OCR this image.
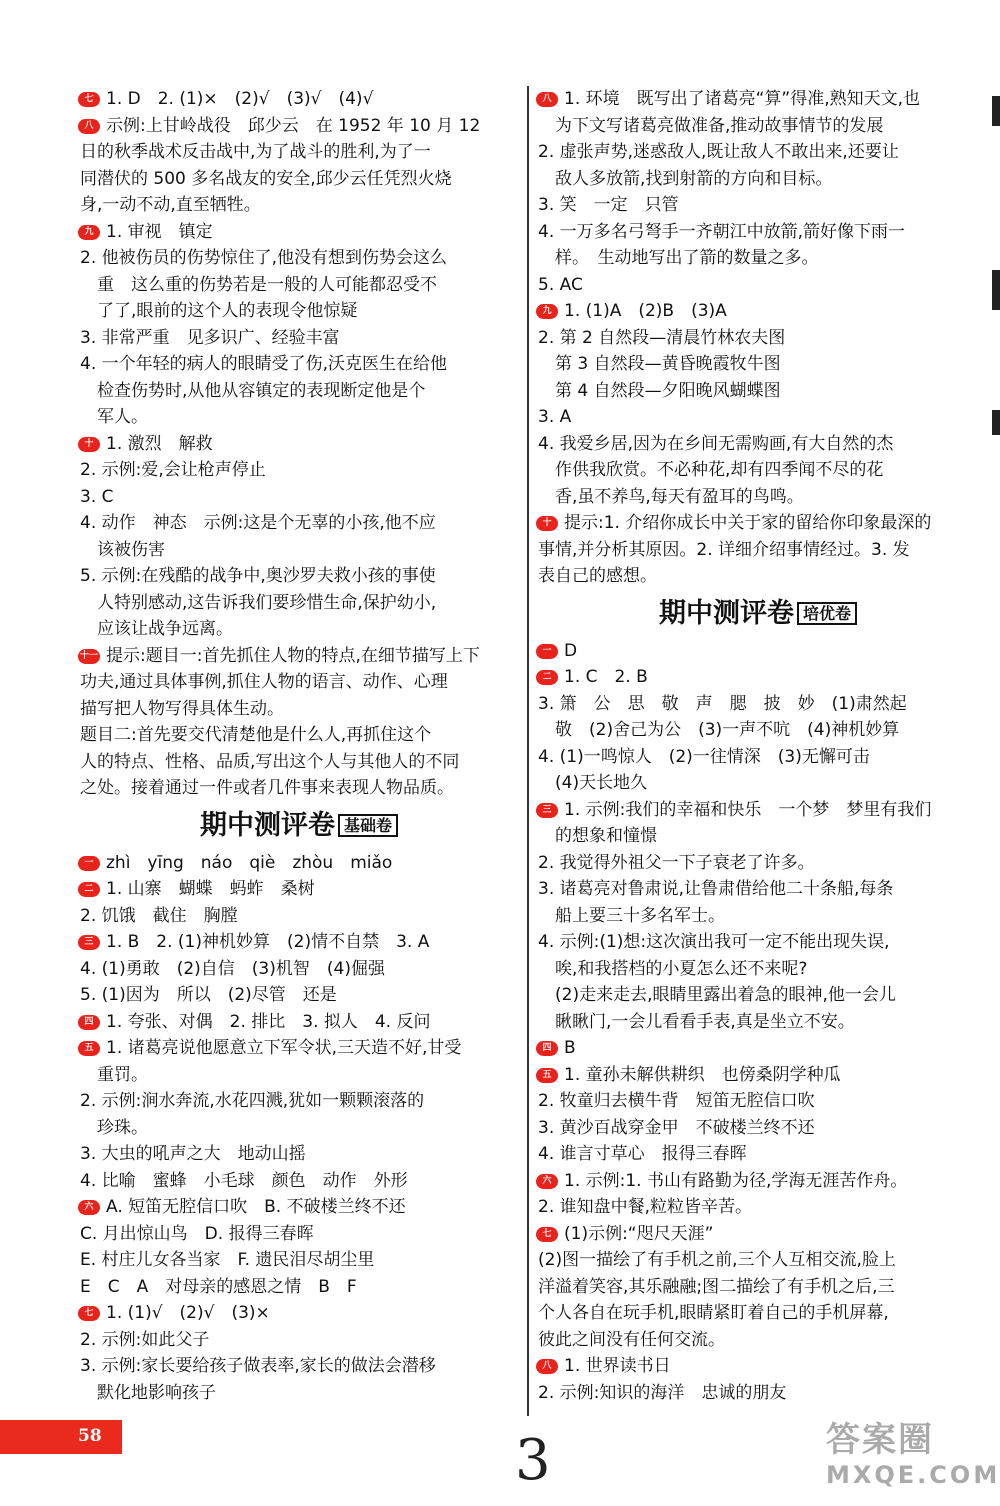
七 1. D　2. (1)×　(2)√　(3)√　(4)√
八 示例:上甘岭战役　邱少云　在 1952 年 10 月 12
日的秋季战术反击战中,为了战斗的胜利,为了一
同潜伏的 500 多名战友的安全,邱少云任凭烈火烧
身,一动不动,直至牺牲。
九 1. 审视　镇定
2. 他被伤员的伤势惊住了,他没有想到伤势会这么
　重　这么重的伤势若是一般的人可能都忍受不
　了了,眼前的这个人的表现令他惊疑
3. 非常严重　见多识广、经验丰富
4. 一个年轻的病人的眼睛受了伤,沃克医生在给他
　检查伤势时,从他从容镇定的表现断定他是个
　军人。
十 1. 激烈　解救
2. 示例:爱,会让枪声停止
3. C
4. 动作　神态　示例:这是个无辜的小孩,他不应
　该被伤害
5. 示例:在残酷的战争中,奥沙罗夫救小孩的事使
　人特别感动,这告诉我们要珍惜生命,保护幼小,
　应该让战争远离。
十一 提示:题目一:首先抓住人物的特点,在细节描写上下
功夫,通过具体事例,抓住人物的语言、动作、心理
描写把人物写得具体生动。
题目二:首先要交代清楚他是什么人,再抓住这个
人的特点、性格、品质,写出这个人与其他人的不同
之处。接着通过一件或者几件事来表现人物品质。
期中测评卷 基础卷
一 zhì　yīng　náo　qiè　zhòu　miǎo
二 1. 山寨　蝴蝶　蚂蚱　桑树
2. 饥饿　截住　胸膛
三 1. B　2. (1)神机妙算　(2)情不自禁　3. A
4. (1)勇敢　(2)自信　(3)机智　(4)倔强
5. (1)因为　所以　(2)尽管　还是
四 1. 夸张、对偶　2. 排比　3. 拟人　4. 反问
五 1. 诸葛亮说他愿意立下军令状,三天造不好,甘受
　重罚。
2. 示例:涧水奔流,水花四溅,犹如一颗颗滚落的
　珍珠。
3. 大虫的吼声之大　地动山摇
4. 比喻　蜜蜂　小毛球　颜色　动作　外形
六 A. 短笛无腔信口吹　B. 不破楼兰终不还
C. 月出惊山鸟　D. 报得三春晖
E. 村庄儿女各当家　F. 遗民泪尽胡尘里
E　C　A　对母亲的感恩之情　B　F
七 1. (1)√　(2)√　(3)×
2. 示例:如此父子
3. 示例:家长要给孩子做表率,家长的做法会潜移
　默化地影响孩子
八 1. 环境　既写出了诸葛亮“算”得准,熟知天文,也
　为下文写诸葛亮做准备,推动故事情节的发展
2. 虚张声势,迷惑敌人,既让敌人不敢出来,还要让
　敌人多放箭,找到射箭的方向和目标。
3. 笑　一定　只管
4. 一万多名弓弩手一齐朝江中放箭,箭好像下雨一
　样。　生动地写出了箭的数量之多。
5. AC
九 1. (1)A　(2)B　(3)A
2. 第 2 自然段—清晨竹林农夫图
　第 3 自然段—黄昏晚霞牧牛图
　第 4 自然段—夕阳晚风蝴蝶图
3. A
4. 我爱乡居,因为在乡间无需购画,有大自然的杰
　作供我欣赏。不必种花,却有四季闻不尽的花
　香,虽不养鸟,每天有盈耳的鸟鸣。
十 提示:1. 介绍你成长中关于家的留给你印象最深的
事情,并分析其原因。2. 详细介绍事情经过。3. 发
表自己的感想。
期中测评卷 培优卷
一 D
二 1. C　2. B
3. 箫　公　思　敬　声　腮　披　妙　(1)肃然起
　敬　(2)舍己为公　(3)一声不吭　(4)神机妙算
4. (1)一鸣惊人　(2)一往情深　(3)无懈可击
　(4)天长地久
三 1. 示例:我们的幸福和快乐　一个梦　梦里有我们
　的想象和憧憬
2. 我觉得外祖父一下子衰老了许多。
3. 诸葛亮对鲁肃说,让鲁肃借给他二十条船,每条
　船上要三十多名军士。
4. 示例:(1)想:这次演出我可一定不能出现失误,
　唉,和我搭档的小夏怎么还不来呢?
　(2)走来走去,眼睛里露出着急的眼神,他一会儿
　瞅瞅门,一会儿看看手表,真是坐立不安。
四 B
五 1. 童孙未解供耕织　也傍桑阴学种瓜
2. 牧童归去横牛背　短笛无腔信口吹
3. 黄沙百战穿金甲　不破楼兰终不还
4. 谁言寸草心　报得三春晖
六 1. 示例:1. 书山有路勤为径,学海无涯苦作舟。
2. 谁知盘中餐,粒粒皆辛苦。
七 (1)示例:“咫尺天涯”
(2)图一描绘了有手机之前,三个人互相交流,脸上
洋溢着笑容,其乐融融;图二描绘了有手机之后,三
个人各自在玩手机,眼睛紧盯着自己的手机屏幕,
彼此之间没有任何交流。
八 1. 世界读书日
2. 示例:知识的海洋　忠诚的朋友
58	3	答案圈
MXQE.COM
